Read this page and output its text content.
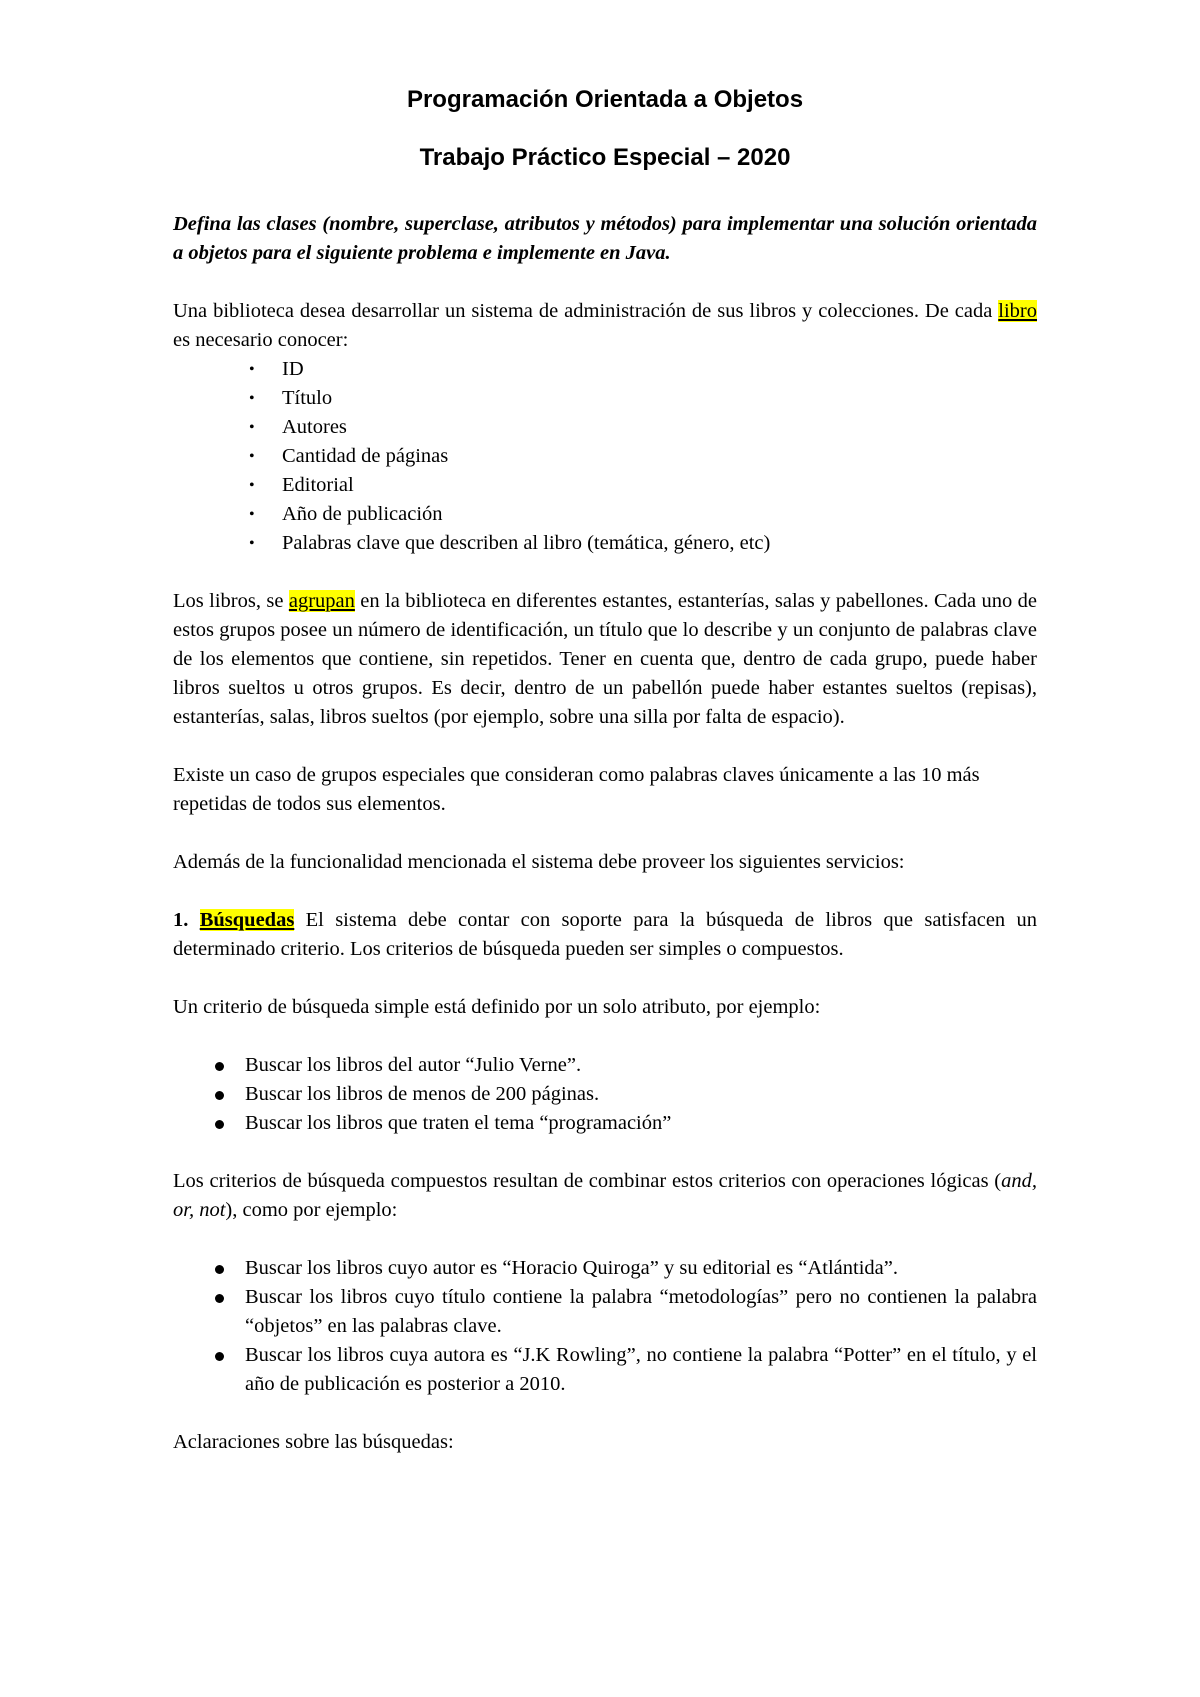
Programación Orientada a Objetos
Trabajo Práctico Especial – 2020

Defina las clases (nombre, superclase, atributos y métodos) para implementar una solución orientada a objetos para el siguiente problema e implemente en Java.

Una biblioteca desea desarrollar un sistema de administración de sus libros y colecciones. De cada libro es necesario conocer:

• ID
• Título
• Autores
• Cantidad de páginas
• Editorial
• Año de publicación
• Palabras clave que describen al libro (temática, género, etc)

Los libros, se agrupan en la biblioteca en diferentes estantes, estanterías, salas y pabellones. Cada uno de estos grupos posee un número de identificación, un título que lo describe y un conjunto de palabras clave de los elementos que contiene, sin repetidos. Tener en cuenta que, dentro de cada grupo, puede haber libros sueltos u otros grupos. Es decir, dentro de un pabellón puede haber estantes sueltos (repisas), estanterías, salas, libros sueltos (por ejemplo, sobre una silla por falta de espacio).

Existe un caso de grupos especiales que consideran como palabras claves únicamente a las 10 más repetidas de todos sus elementos.

Además de la funcionalidad mencionada el sistema debe proveer los siguientes servicios:

1. Búsquedas El sistema debe contar con soporte para la búsqueda de libros que satisfacen un determinado criterio. Los criterios de búsqueda pueden ser simples o compuestos.

Un criterio de búsqueda simple está definido por un solo atributo, por ejemplo:

Buscar los libros del autor “Julio Verne”.
Buscar los libros de menos de 200 páginas.
Buscar los libros que traten el tema “programación”

Los criterios de búsqueda compuestos resultan de combinar estos criterios con operaciones lógicas (and, or, not), como por ejemplo:

Buscar los libros cuyo autor es “Horacio Quiroga” y su editorial es “Atlántida”.
Buscar los libros cuyo título contiene la palabra “metodologías” pero no contienen la palabra “objetos” en las palabras clave.
Buscar los libros cuya autora es “J.K Rowling”, no contiene la palabra “Potter” en el título, y el año de publicación es posterior a 2010.

Aclaraciones sobre las búsquedas:
